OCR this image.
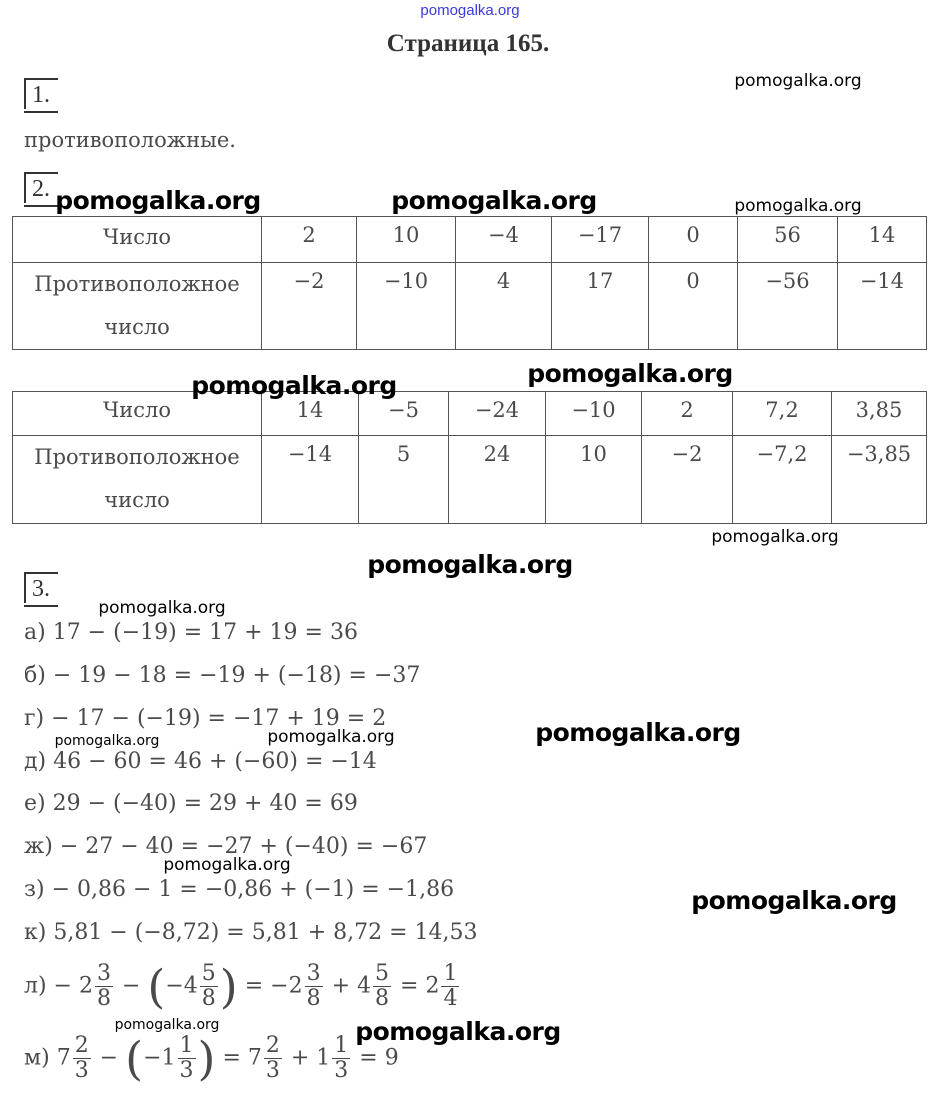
Страница 165.
1.
противоположные.
2.
Число	2	10	−4	−17	0	56	14
Противоположное число	−2	−10	4	17	0	−56	−14
Число	14	−5	−24	−10	2	7,2	3,85
Противоположное число	−14	5	24	10	−2	−7,2	−3,85
3.
а) 17 − (−19) = 17 + 19 = 36
б) − 19 − 18 = −19 + (−18) = −37
г) − 17 − (−19) = −17 + 19 = 2
д) 46 − 60 = 46 + (−60) = −14
е) 29 − (−40) = 29 + 40 = 69
ж) − 27 − 40 = −27 + (−40) = −67
з) − 0,86 − 1 = −0,86 + (−1) = −1,86
к) 5,81 − (−8,72) = 5,81 + 8,72 = 14,53
$л) - 2 \frac{3}{8} - (-4 \frac{5}{8}$ ) = $-2 \frac{3}{8} + 4 \frac{5}{8} = 2 \frac{1}{4}$
м) $7 \frac{2}{3} - (-1 \frac{1}{3}$ ) = $7 \frac{2}{3} + 1 \frac{1}{3} = 9$
pomogalka.org
pomogalka.org
pomogalka.org	pomogalka.org	pomogalka.org
pomogalka.org	pomogalka.org
pomogalka.org
pomogalka.org
pomogalka.org
pomogalka.org	pomogalka.org	pomogalka.org
pomogalka.org
pomogalka.org
pomogalka.org	pomogalka.org
